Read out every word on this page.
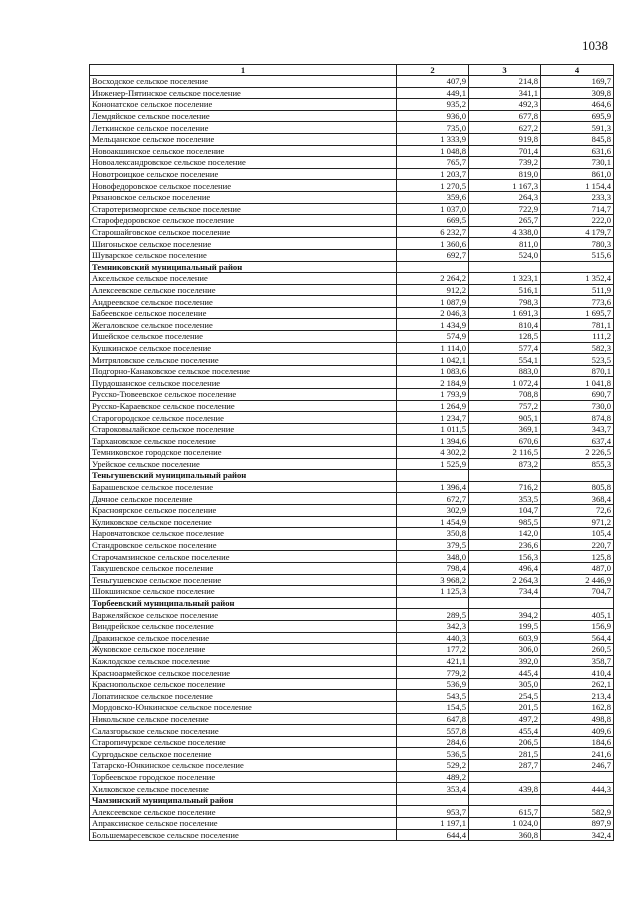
1038
1	2	3	4
Восходское сельское поселение	407,9	214,8	169,7
Инженер-Пятинское сельское поселение	449,1	341,1	309,8
Кононатское сельское поселение	935,2	492,3	464,6
Лемдяйское сельское поселение	936,0	677,8	695,9
Леткинское сельское поселение	735,0	627,2	591,3
Мельцанское сельское поселение	1 333,9	919,8	845,8
Новоакшинское сельское поселение	1 048,8	701,4	631,6
Новоалександровское сельское поселение	765,7	739,2	730,1
Новотроицкое сельское поселение	1 203,7	819,0	861,0
Новофедоровское сельское поселение	1 270,5	1 167,3	1 154,4
Рязановское сельское поселение	359,6	264,3	233,3
Старотеризморгское сельское поселение	1 037,0	722,9	714,7
Старофедоровское сельское поселение	669,5	265,7	222,0
Старошайговское сельское поселение	6 232,7	4 338,0	4 179,7
Шигоньское сельское поселение	1 360,6	811,0	780,3
Шуварское сельское поселение	692,7	524,0	515,6
Темниковский муниципальный район			
Аксельское сельское поселение	2 264,2	1 323,1	1 352,4
Алексеевское сельское поселение	912,2	516,1	511,9
Андреевское сельское поселение	1 087,9	798,3	773,6
Бабеевское сельское поселение	2 046,3	1 691,3	1 695,7
Жегаловское сельское поселение	1 434,9	810,4	781,1
Ишейское сельское поселение	574,9	128,5	111,2
Кушкинское сельское поселение	1 114,0	577,4	582,3
Митряловское сельское поселение	1 042,1	554,1	523,5
Подгорно-Канаковское сельское поселение	1 083,6	883,0	870,1
Пурдошанское сельское поселение	2 184,9	1 072,4	1 041,8
Русско-Тювеевское сельское поселение	1 793,9	708,8	690,7
Русско-Караевское сельское поселение	1 264,9	757,2	730,0
Старогородское сельское поселение	1 234,7	905,1	874,8
Староковылайское сельское поселение	1 011,5	369,1	343,7
Тархановское сельское поселение	1 394,6	670,6	637,4
Темниковское городское поселение	4 302,2	2 116,5	2 226,5
Урейское сельское поселение	1 525,9	873,2	855,3
Теньгушевский муниципальный район			
Барашевское сельское поселение	1 396,4	716,2	805,8
Дачное сельское поселение	672,7	353,5	368,4
Красноярское сельское поселение	302,9	104,7	72,6
Куликовское сельское поселение	1 454,9	985,5	971,2
Наровчатовское сельское поселение	350,8	142,0	105,4
Стандровское сельское поселение	379,5	236,6	220,7
Старочамзинское сельское поселение	348,0	156,3	125,8
Такушевское сельское поселение	798,4	496,4	487,0
Теньгушевское сельское поселение	3 968,2	2 264,3	2 446,9
Шокшинское сельское поселение	1 125,3	734,4	704,7
Торбеевский муниципальный район			
Варжеляйское сельское поселение	289,5	394,2	405,1
Виндрейское сельское поселение	342,3	199,5	156,9
Дракинское сельское поселение	440,3	603,9	564,4
Жуковское сельское поселение	177,2	306,0	260,5
Кажлодское сельское поселение	421,1	392,0	358,7
Красноармейское сельское поселение	779,2	445,4	410,4
Краснопольское сельское поселение	536,9	305,0	262,1
Лопатинское сельское поселение	543,5	254,5	213,4
Мордовско-Юнкинское сельское поселение	154,5	201,5	162,8
Никольское сельское поселение	647,8	497,2	498,8
Салазгорьское сельское поселение	557,8	455,4	409,6
Старопичурское сельское поселение	284,6	206,5	184,6
Сургодьское сельское поселение	536,5	281,5	241,6
Татарско-Юнкинское сельское поселение	529,2	287,7	246,7
Торбеевское городское поселение	489,2		
Хилковское сельское поселение	353,4	439,8	444,3
Чамзинский муниципальный район			
Алексеевское сельское поселение	953,7	615,7	582,9
Апраксинское сельское поселение	1 197,1	1 024,0	897,9
Большемаресевское сельское поселение	644,4	360,8	342,4
